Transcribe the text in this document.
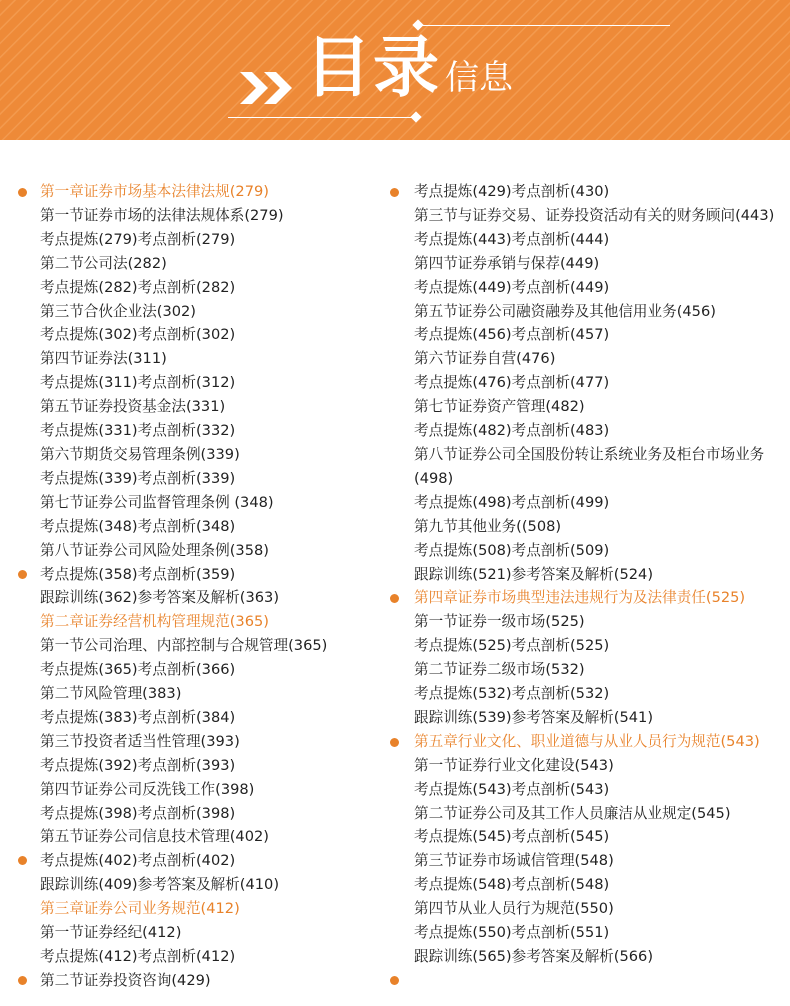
目录 信息
第一章证券市场基本法律法规(279)
第一节证券市场的法律法规体系(279)
考点提炼(279)考点剖析(279)
第二节公司法(282)
考点提炼(282)考点剖析(282)
第三节合伙企业法(302)
考点提炼(302)考点剖析(302)
第四节证券法(311)
考点提炼(311)考点剖析(312)
第五节证券投资基金法(331)
考点提炼(331)考点剖析(332)
第六节期货交易管理条例(339)
考点提炼(339)考点剖析(339)
第七节证券公司监督管理条例 (348)
考点提炼(348)考点剖析(348)
第八节证券公司风险处理条例(358)
考点提炼(358)考点剖析(359)
跟踪训练(362)参考答案及解析(363)
第二章证券经营机构管理规范(365)
第一节公司治理、内部控制与合规管理(365)
考点提炼(365)考点剖析(366)
第二节风险管理(383)
考点提炼(383)考点剖析(384)
第三节投资者适当性管理(393)
考点提炼(392)考点剖析(393)
第四节证券公司反洗钱工作(398)
考点提炼(398)考点剖析(398)
第五节证券公司信息技术管理(402)
考点提炼(402)考点剖析(402)
跟踪训练(409)参考答案及解析(410)
第三章证券公司业务规范(412)
第一节证券经纪(412)
考点提炼(412)考点剖析(412)
第二节证券投资咨询(429)
考点提炼(429)考点剖析(430)
第三节与证券交易、证券投资活动有关的财务顾问(443)
考点提炼(443)考点剖析(444)
第四节证券承销与保荐(449)
考点提炼(449)考点剖析(449)
第五节证券公司融资融券及其他信用业务(456)
考点提炼(456)考点剖析(457)
第六节证券自营(476)
考点提炼(476)考点剖析(477)
第七节证券资产管理(482)
考点提炼(482)考点剖析(483)
第八节证券公司全国股份转让系统业务及柜台市场业务(498)
考点提炼(498)考点剖析(499)
第九节其他业务((508)
考点提炼(508)考点剖析(509)
跟踪训练(521)参考答案及解析(524)
第四章证券市场典型违法违规行为及法律责任(525)
第一节证券一级市场(525)
考点提炼(525)考点剖析(525)
第二节证券二级市场(532)
考点提炼(532)考点剖析(532)
跟踪训练(539)参考答案及解析(541)
第五章行业文化、职业道德与从业人员行为规范(543)
第一节证券行业文化建设(543)
考点提炼(543)考点剖析(543)
第二节证券公司及其工作人员廉洁从业规定(545)
考点提炼(545)考点剖析(545)
第三节证券市场诚信管理(548)
考点提炼(548)考点剖析(548)
第四节从业人员行为规范(550)
考点提炼(550)考点剖析(551)
跟踪训练(565)参考答案及解析(566)
